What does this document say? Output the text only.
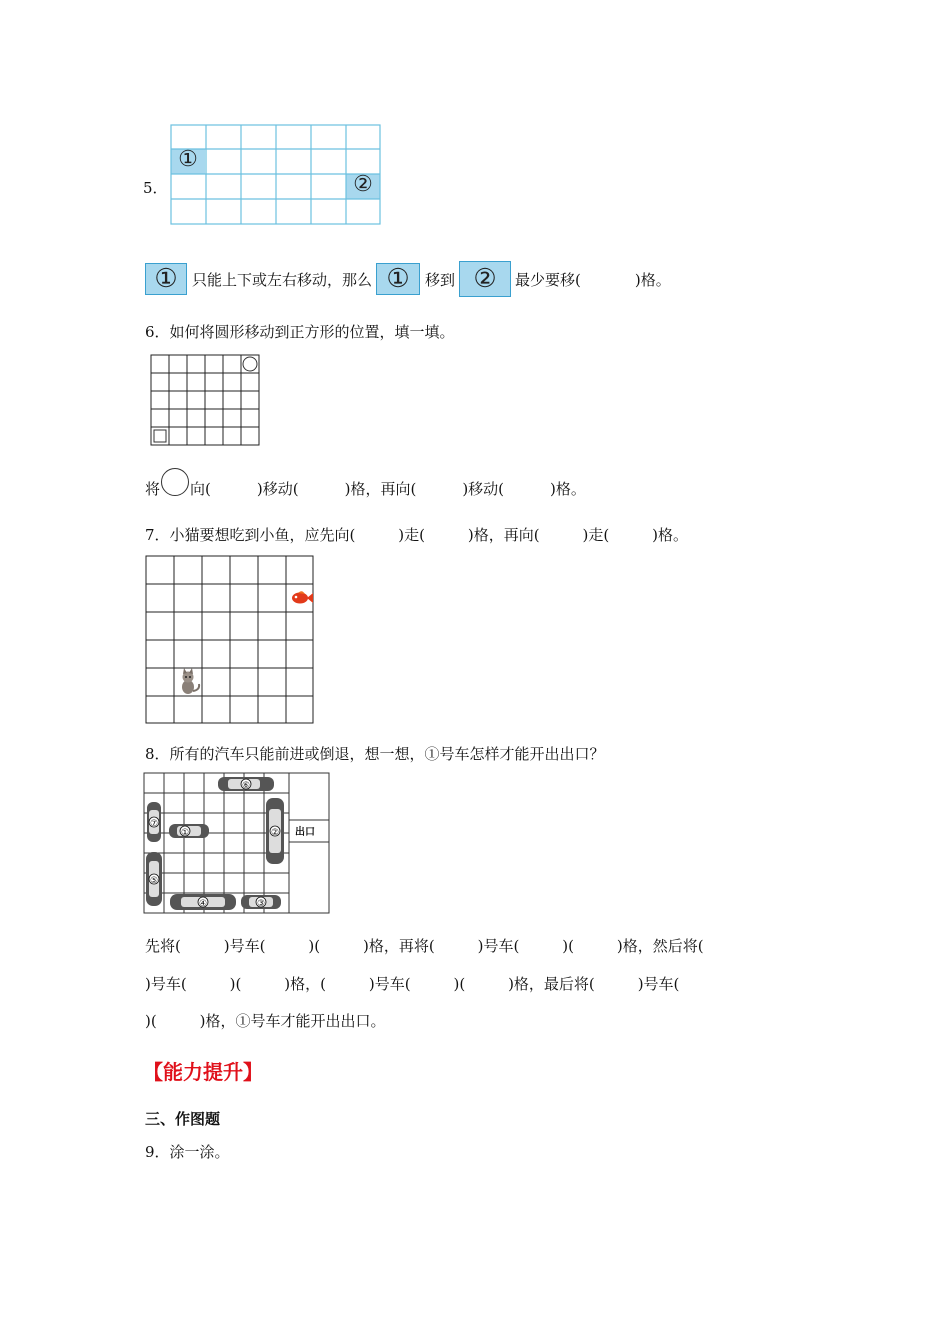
5．
①
②
① 只能上下或左右移动，那么 ①	移到 ②	最少要移(	)格。
6．如何将圆形移动到正方形的位置，填一填。
将 向(	)移动(	)格，再向(	)移动(	)格。
7．小猫要想吃到小鱼，应先向(         )走(         )格，再向(         )走(         )格。
8．所有的汽车只能前进或倒退，想一想，①号车怎样才能开出出口？
出口
⑥
⑦
①	②
⑤
④	③
先将(         )号车(         )(         )格，再将(         )号车(         )(         )格，然后将(
)号车(         )(         )格，(         )号车(         )(         )格，最后将(         )号车(
)(         )格，①号车才能开出出口。
【能力提升】
三、作图题
9．涂一涂。
